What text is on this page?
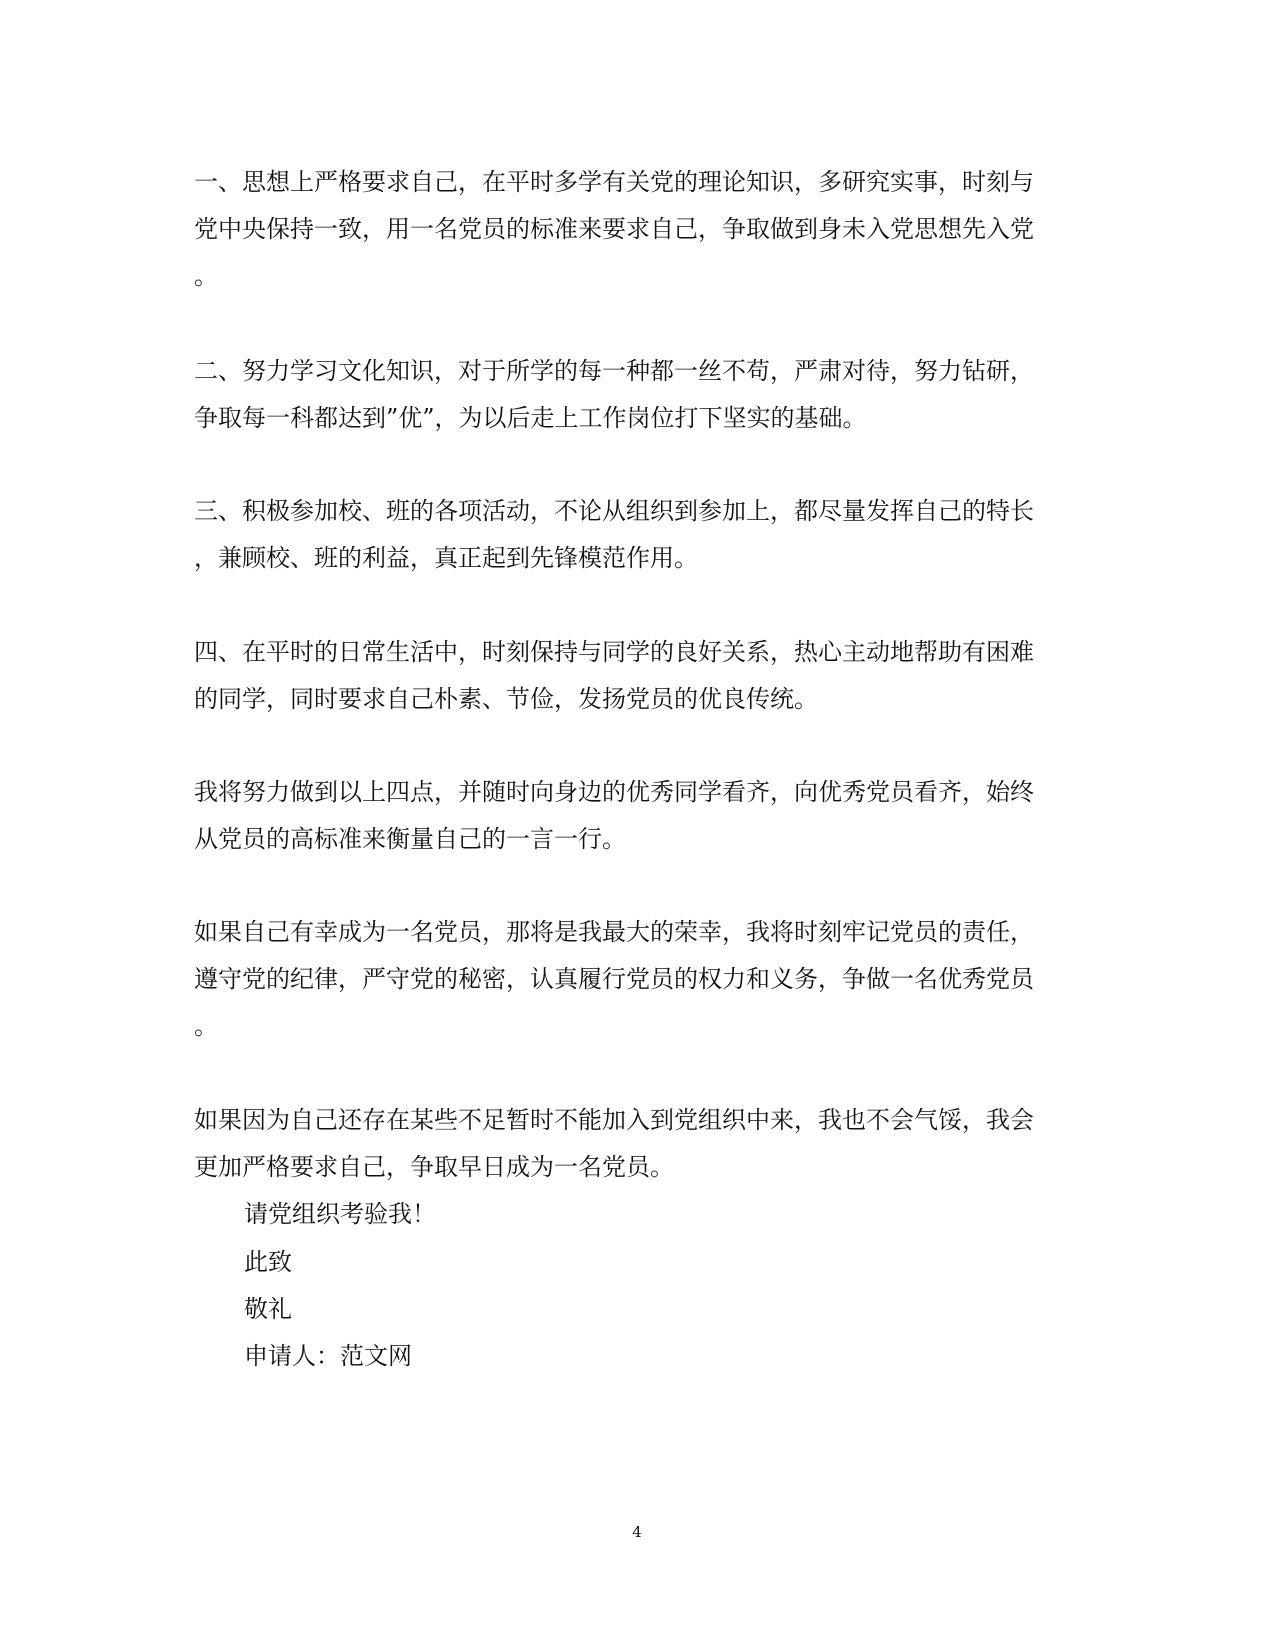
一、思想上严格要求自己，在平时多学有关党的理论知识，多研究实事，时刻与
党中央保持一致，用一名党员的标准来要求自己，争取做到身未入党思想先入党
。
二、努力学习文化知识，对于所学的每一种都一丝不苟，严肃对待，努力钻研，
争取每一科都达到”优”，为以后走上工作岗位打下坚实的基础。
三、积极参加校、班的各项活动，不论从组织到参加上，都尽量发挥自己的特长
，兼顾校、班的利益，真正起到先锋模范作用。
四、在平时的日常生活中，时刻保持与同学的良好关系，热心主动地帮助有困难
的同学，同时要求自己朴素、节俭，发扬党员的优良传统。
我将努力做到以上四点，并随时向身边的优秀同学看齐，向优秀党员看齐，始终
从党员的高标准来衡量自己的一言一行。
如果自己有幸成为一名党员，那将是我最大的荣幸，我将时刻牢记党员的责任，
遵守党的纪律，严守党的秘密，认真履行党员的权力和义务，争做一名优秀党员
。
如果因为自己还存在某些不足暂时不能加入到党组织中来，我也不会气馁，我会
更加严格要求自己，争取早日成为一名党员。
请党组织考验我！
此致
敬礼
申请人：范文网
4
